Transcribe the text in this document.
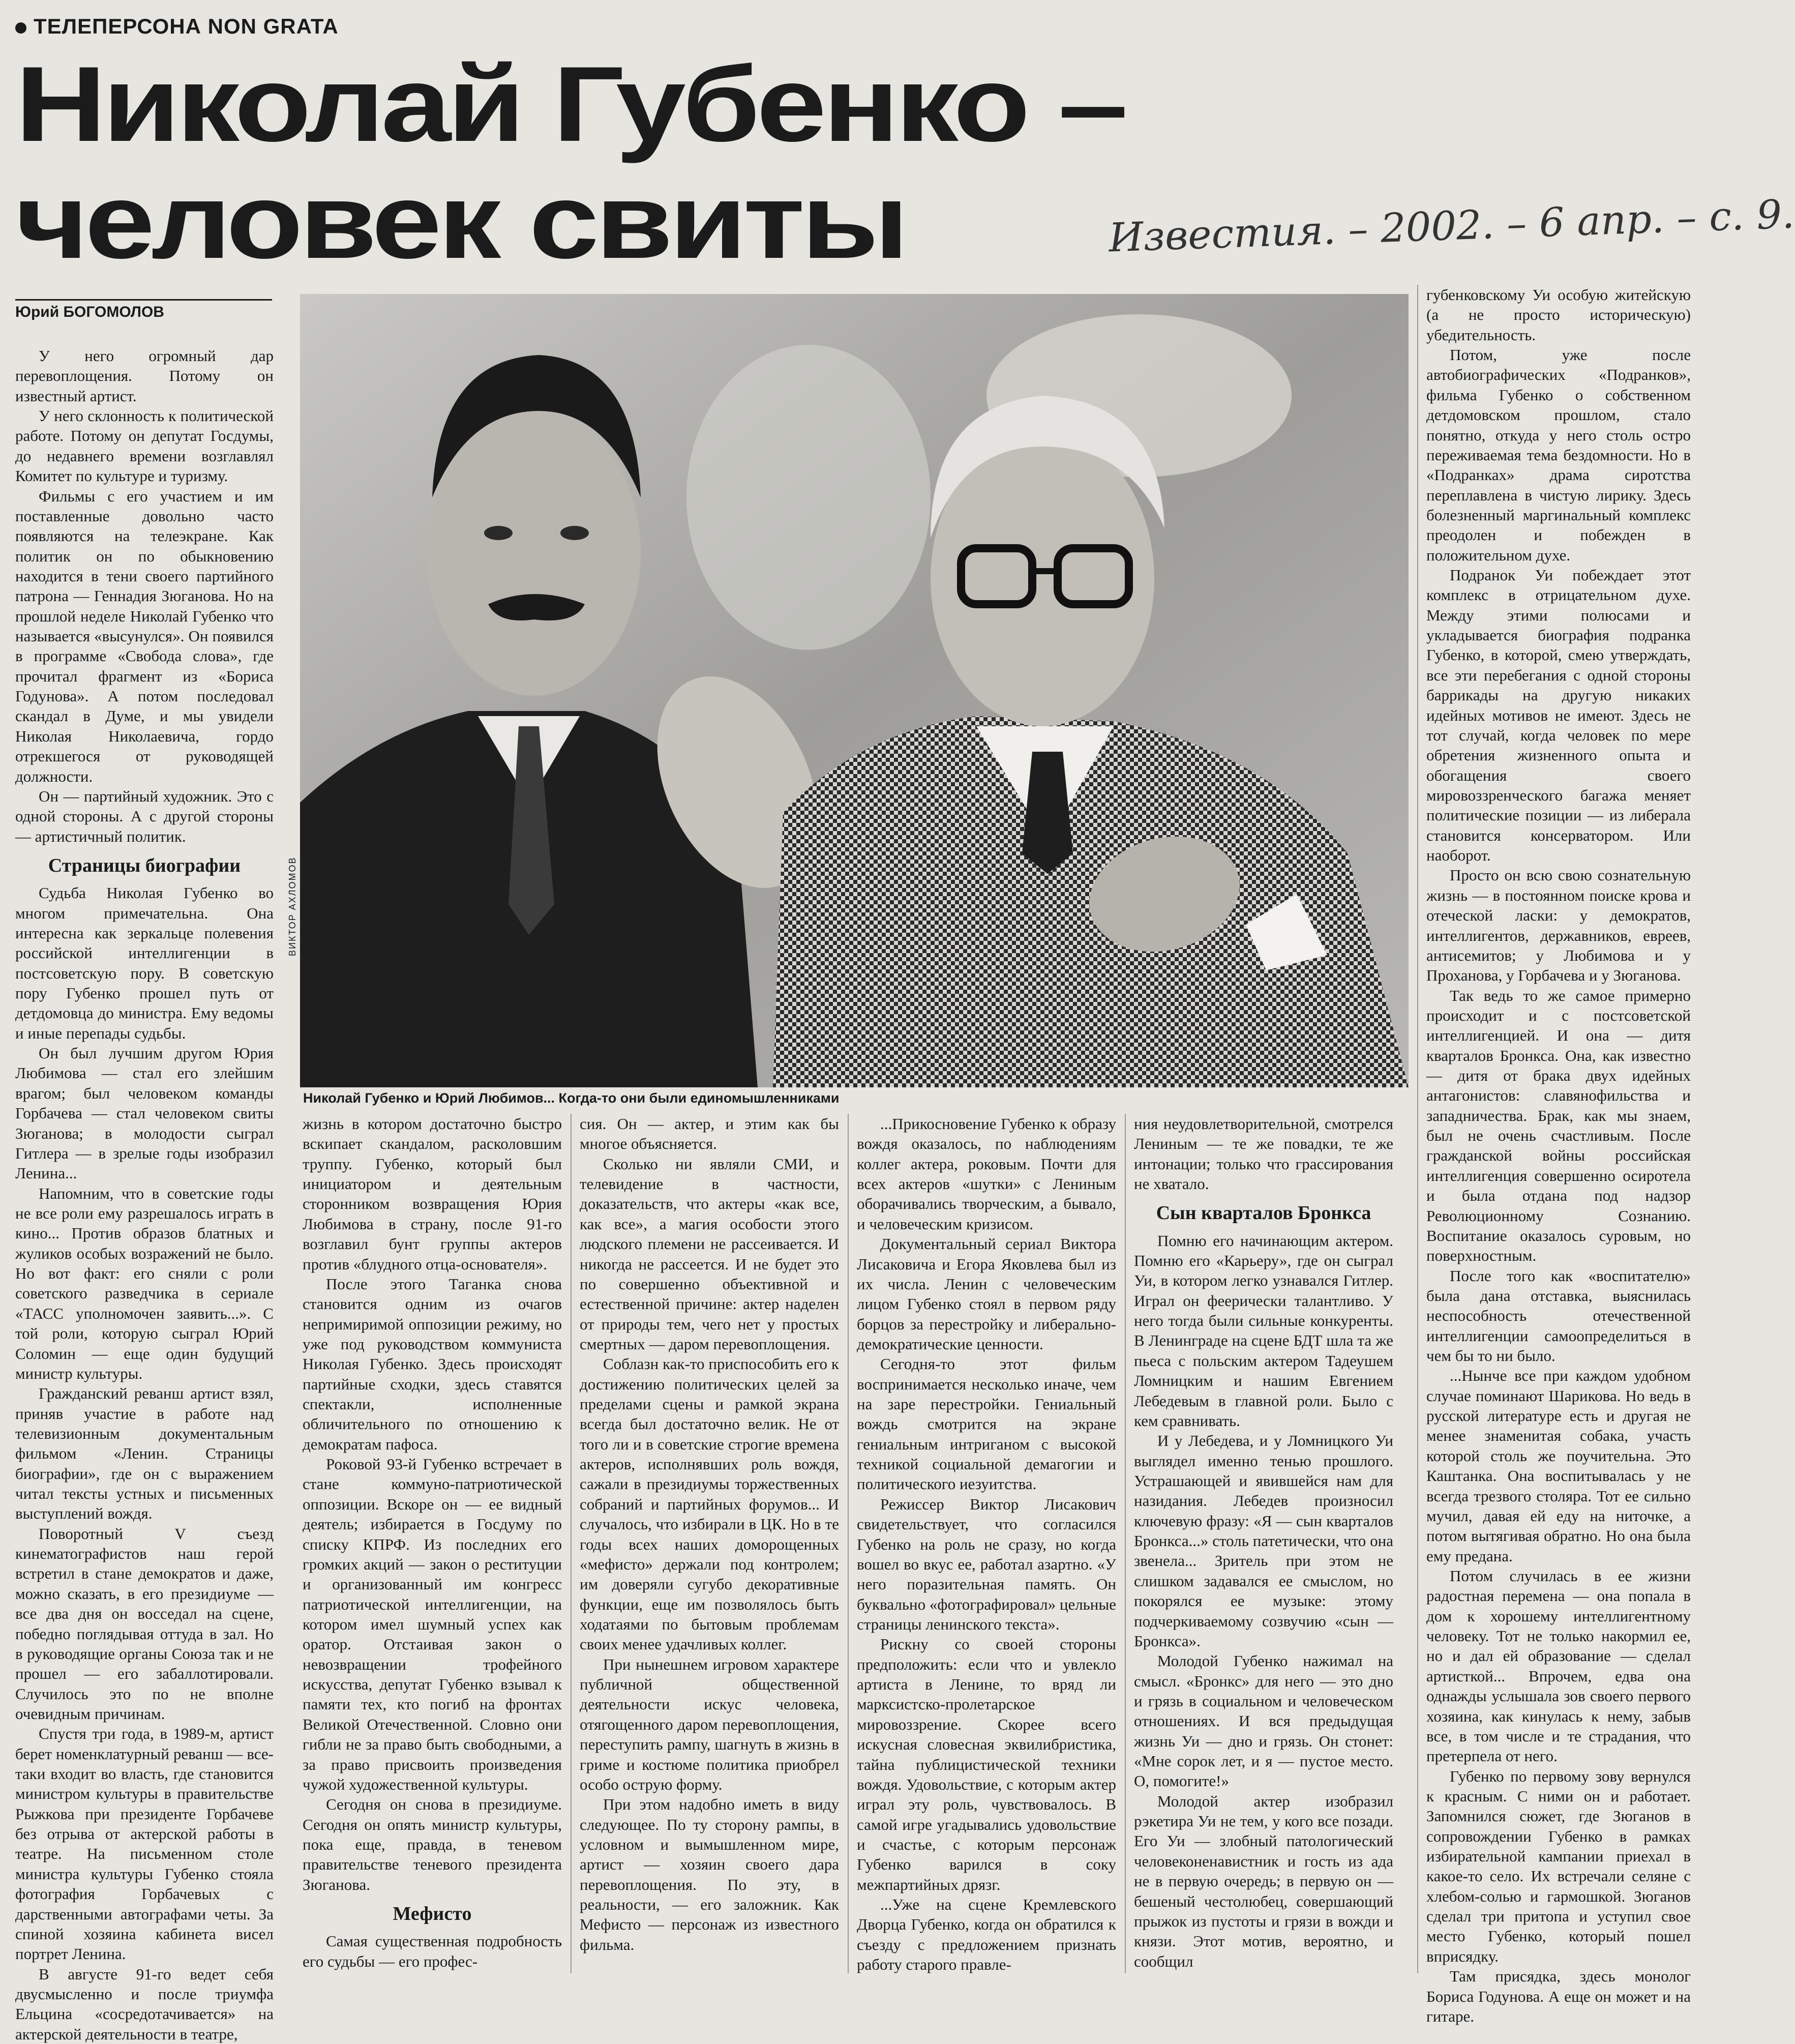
ТЕЛЕПЕРСОНА NON GRATA
Николай Губенко –
человек свиты	Известия. – 2002. – 6 апр. – с. 9.
Юрий БОГОМОЛОВ

У него огромный дар перевоплощения. Потому он известный артист.

У него склонность к политической работе. Потому он депутат Госдумы, до недавнего времени возглавлял Комитет по культуре и туризму.

Фильмы с его участием и им поставленные довольно часто появляются на телеэкране. Как политик он по обыкновению находится в тени своего партийного патрона — Геннадия Зюганова. Но на прошлой неделе Николай Губенко что называется «высунулся». Он появился в программе «Свобода слова», где прочитал фрагмент из «Бориса Годунова». А потом последовал скандал в Думе, и мы увидели Николая Николаевича, гордо отрекшегося от руководящей должности.

Он — партийный художник. Это с одной стороны. А с другой стороны — артистичный политик.

Страницы биографии

Судьба Николая Губенко во многом примечательна. Она интересна как зеркальце полевения российской интеллигенции в постсоветскую пору. В советскую пору Губенко прошел путь от детдомовца до министра. Ему ведомы и иные перепады судьбы.

Он был лучшим другом Юрия Любимова — стал его злейшим врагом; был человеком команды Горбачева — стал человеком свиты Зюганова; в молодости сыграл Гитлера — в зрелые годы изобразил Ленина...

Напомним, что в советские годы не все роли ему разрешалось играть в кино... Против образов блатных и жуликов особых возражений не было. Но вот факт: его сняли с роли советского разведчика в сериале «ТАСС уполномочен заявить...». С той роли, которую сыграл Юрий Соломин — еще один будущий министр культуры.

Гражданский реванш артист взял, приняв участие в работе над телевизионным документальным фильмом «Ленин. Страницы биографии», где он с выражением читал тексты устных и письменных выступлений вождя.

Поворотный V съезд кинематографистов наш герой встретил в стане демократов и даже, можно сказать, в его президиуме — все два дня он восседал на сцене, победно поглядывая оттуда в зал. Но в руководящие органы Союза так и не прошел — его забаллотировали. Случилось это по не вполне очевидным причинам.

Спустя три года, в 1989-м, артист берет номенклатурный реванш — все-таки входит во власть, где становится министром культуры в правительстве Рыжкова при президенте Горбачеве без отрыва от актерской работы в театре. На письменном столе министра культуры Губенко стояла фотография Горбачевых с дарственными автографами четы. За спиной хозяина кабинета висел портрет Ленина.

В августе 91-го ведет себя двусмысленно и после триумфа Ельцина «сосредотачивается» на актерской деятельности в театре,

ВИКТОР АХЛОМОВ
Николай Губенко и Юрий Любимов... Когда-то они были единомышленниками

жизнь в котором достаточно быстро вскипает скандалом, расколовшим труппу. Губенко, который был инициатором и деятельным сторонником возвращения Юрия Любимова в страну, после 91-го возглавил бунт группы актеров против «блудного отца-основателя».

После этого Таганка снова становится одним из очагов непримиримой оппозиции режиму, но уже под руководством коммуниста Николая Губенко. Здесь происходят партийные сходки, здесь ставятся спектакли, исполненные обличительного по отношению к демократам пафоса.

Роковой 93-й Губенко встречает в стане коммуно-патриотической оппозиции. Вскоре он — ее видный деятель; избирается в Госдуму по списку КПРФ. Из последних его громких акций — закон о реституции и организованный им конгресс патриотической интеллигенции, на котором имел шумный успех как оратор. Отстаивая закон о невозвращении трофейного искусства, депутат Губенко взывал к памяти тех, кто погиб на фронтах Великой Отечественной. Словно они гибли не за право быть свободными, а за право присвоить произведения чужой художественной культуры.

Сегодня он снова в президиуме. Сегодня он опять министр культуры, пока еще, правда, в теневом правительстве теневого президента Зюганова.

Мефисто

Самая существенная подробность его судьбы — его профес-

сия. Он — актер, и этим как бы многое объясняется.

Сколько ни являли СМИ, и телевидение в частности, доказательств, что актеры «как все, как все», а магия особости этого людского племени не рассеивается. И никогда не рассеется. И не будет это по совершенно объективной и естественной причине: актер наделен от природы тем, чего нет у простых смертных — даром перевоплощения.

Соблазн как-то приспособить его к достижению политических целей за пределами сцены и рамкой экрана всегда был достаточно велик. Не от того ли и в советские строгие времена актеров, исполнявших роль вождя, сажали в президиумы торжественных собраний и партийных форумов... И случалось, что избирали в ЦК. Но в те годы всех наших доморощенных «мефисто» держали под контролем; им доверяли сугубо декоративные функции, еще им позволялось быть ходатаями по бытовым проблемам своих менее удачливых коллег.

При нынешнем игровом характере публичной общественной деятельности искус человека, отягощенного даром перевоплощения, переступить рампу, шагнуть в жизнь в гриме и костюме политика приобрел особо острую форму.

При этом надобно иметь в виду следующее. По ту сторону рампы, в условном и вымышленном мире, артист — хозяин своего дара перевоплощения. По эту, в реальности, — его заложник. Как Мефисто — персонаж из известного фильма.

...Прикосновение Губенко к образу вождя оказалось, по наблюдениям коллег актера, роковым. Почти для всех актеров «шутки» с Лениным оборачивались творческим, а бывало, и человеческим кризисом.

Документальный сериал Виктора Лисаковича и Егора Яковлева был из их числа. Ленин с человеческим лицом Губенко стоял в первом ряду борцов за перестройку и либерально-демократические ценности.

Сегодня-то этот фильм воспринимается несколько иначе, чем на заре перестройки. Гениальный вождь смотрится на экране гениальным интриганом с высокой техникой социальной демагогии и политического иезуитства.

Режиссер Виктор Лисакович свидетельствует, что согласился Губенко на роль не сразу, но когда вошел во вкус ее, работал азартно. «У него поразительная память. Он буквально «фотографировал» цельные страницы ленинского текста».

Рискну со своей стороны предположить: если что и увлекло артиста в Ленине, то вряд ли марксистско-пролетарское мировоззрение. Скорее всего искусная словесная эквилибристика, тайна публицистической техники вождя. Удовольствие, с которым актер играл эту роль, чувствовалось. В самой игре угадывались удовольствие и счастье, с которым персонаж Губенко варился в соку межпартийных дрязг.

...Уже на сцене Кремлевского Дворца Губенко, когда он обратился к съезду с предложением признать работу старого правле-

ния неудовлетворительной, смотрелся Лениным — те же повадки, те же интонации; только что грассирования не хватало.

Сын кварталов Бронкса

Помню его начинающим актером. Помню его «Карьеру», где он сыграл Уи, в котором легко узнавался Гитлер. Играл он феерически талантливо. У него тогда были сильные конкуренты. В Ленинграде на сцене БДТ шла та же пьеса с польским актером Тадеушем Ломницким и нашим Евгением Лебедевым в главной роли. Было с кем сравнивать.

И у Лебедева, и у Ломницкого Уи выглядел именно тенью прошлого. Устрашающей и явившейся нам для назидания. Лебедев произносил ключевую фразу: «Я — сын кварталов Бронкса...» столь патетически, что она звенела... Зритель при этом не слишком задавался ее смыслом, но покорялся ее музыке: этому подчеркиваемому созвучию «сын — Бронкса».

Молодой Губенко нажимал на смысл. «Бронкс» для него — это дно и грязь в социальном и человеческом отношениях. И вся предыдущая жизнь Уи — дно и грязь. Он стонет: «Мне сорок лет, и я — пустое место. О, помогите!»

Молодой актер изобразил рэкетира Уи не тем, у кого все позади. Его Уи — злобный патологический человеконенавистник и гость из ада не в первую очередь; в первую он — бешеный честолюбец, совершающий прыжок из пустоты и грязи в вожди и князи. Этот мотив, вероятно, и сообщил

губенковскому Уи особую житейскую (а не просто историческую) убедительность.

Потом, уже после автобиографических «Подранков», фильма Губенко о собственном детдомовском прошлом, стало понятно, откуда у него столь остро переживаемая тема бездомности. Но в «Подранках» драма сиротства переплавлена в чистую лирику. Здесь болезненный маргинальный комплекс преодолен и побежден в положительном духе.

Подранок Уи побеждает этот комплекс в отрицательном духе. Между этими полюсами и укладывается биография подранка Губенко, в которой, смею утверждать, все эти перебегания с одной стороны баррикады на другую никаких идейных мотивов не имеют. Здесь не тот случай, когда человек по мере обретения жизненного опыта и обогащения своего мировоззренческого багажа меняет политические позиции — из либерала становится консерватором. Или наоборот.

Просто он всю свою сознательную жизнь — в постоянном поиске крова и отеческой ласки: у демократов, интеллигентов, державников, евреев, антисемитов; у Любимова и у Проханова, у Горбачева и у Зюганова.

Так ведь то же самое примерно происходит и с постсоветской интеллигенцией. И она — дитя кварталов Бронкса. Она, как известно — дитя от брака двух идейных антагонистов: славянофильства и западничества. Брак, как мы знаем, был не очень счастливым. После гражданской войны российская интеллигенция совершенно осиротела и была отдана под надзор Революционному Сознанию. Воспитание оказалось суровым, но поверхностным.

После того как «воспитателю» была дана отставка, выяснилась неспособность отечественной интеллигенции самоопределиться в чем бы то ни было.

...Нынче все при каждом удобном случае поминают Шарикова. Но ведь в русской литературе есть и другая не менее знаменитая собака, участь которой столь же поучительна. Это Каштанка. Она воспитывалась у не всегда трезвого столяра. Тот ее сильно мучил, давая ей еду на ниточке, а потом вытягивая обратно. Но она была ему предана.

Потом случилась в ее жизни радостная перемена — она попала в дом к хорошему интеллигентному человеку. Тот не только накормил ее, но и дал ей образование — сделал артисткой... Впрочем, едва она однажды услышала зов своего первого хозяина, как кинулась к нему, забыв все, в том числе и те страдания, что претерпела от него.

Губенко по первому зову вернулся к красным. С ними он и работает. Запомнился сюжет, где Зюганов в сопровождении Губенко в рамках избирательной кампании приехал в какое-то село. Их встречали селяне с хлебом-солью и гармошкой. Зюганов сделал три притопа и уступил свое место Губенко, который пошел вприсядку.

Там присядка, здесь монолог Бориса Годунова. А еще он может и на гитаре.
